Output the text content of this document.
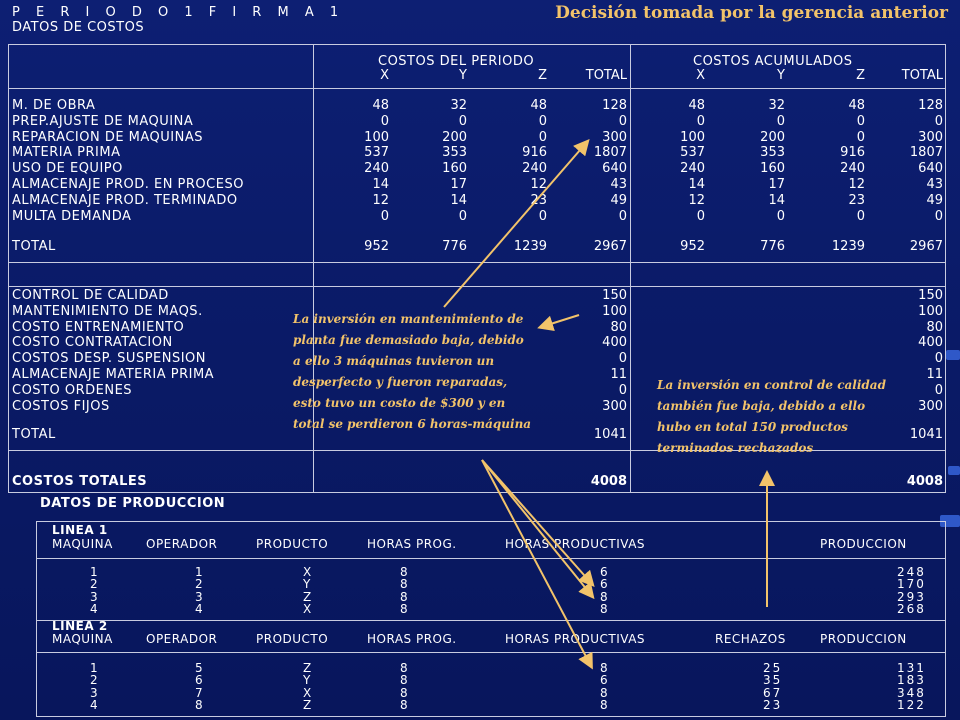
P E R I O D O 1 F I R M A 1
DATOS DE COSTOS
Decisión tomada por la gerencia anterior
COSTOS DEL PERIODO	COSTOS ACUMULADOS
X	Y	Z	TOTAL	X	Y	Z	TOTAL
M. DE OBRA	48	32	48	128	48	32	48	128
PREP.AJUSTE DE MAQUINA	0	0	0	0	0	0	0	0
REPARACION DE MAQUINAS	100	200	0	300	100	200	0	300
MATERIA PRIMA	537	353	916	1807	537	353	916	1807
USO DE EQUIPO	240	160	240	640	240	160	240	640
ALMACENAJE PROD. EN PROCESO	14	17	12	43	14	17	12	43
ALMACENAJE PROD. TERMINADO	12	14	23	49	12	14	23	49
MULTA DEMANDA	0	0	0	0	0	0	0	0
TOTAL	952	776	1239	2967	952	776	1239	2967
CONTROL DE CALIDAD	150	150
MANTENIMIENTO DE MAQS.	100	100
COSTO ENTRENAMIENTO	80	80
COSTO CONTRATACION	400	400
COSTOS DESP. SUSPENSION	0	0
ALMACENAJE MATERIA PRIMA	11	11
COSTO ORDENES	0	0
COSTOS FIJOS	300	300
TOTAL	1041	1041
COSTOS TOTALES	4008	4008
La inversión en mantenimiento de planta fue demasiado baja, debido a ello 3 máquinas tuvieron un desperfecto y fueron reparadas, esto tuvo un costo de $300 y en total se perdieron 6 horas-máquina
La inversión en control de calidad también fue baja, debido a ello hubo en total 150 productos terminados rechazados
DATOS DE PRODUCCION
LINEA 1
LINEA 2
MAQUINA	OPERADOR	PRODUCTO	HORAS PROG.	HORAS PRODUCTIVAS	PRODUCCION
1	1	X	8	6	248
2	2	Y	8	6	170
3	3	Z	8	8	293
4	4	X	8	8	268
MAQUINA	OPERADOR	PRODUCTO	HORAS PROG.	HORAS PRODUCTIVAS	RECHAZOS	PRODUCCION
1	5	Z	8	8	25	131
2	6	Y	8	6	35	183
3	7	X	8	8	67	348
4	8	Z	8	8	23	122
